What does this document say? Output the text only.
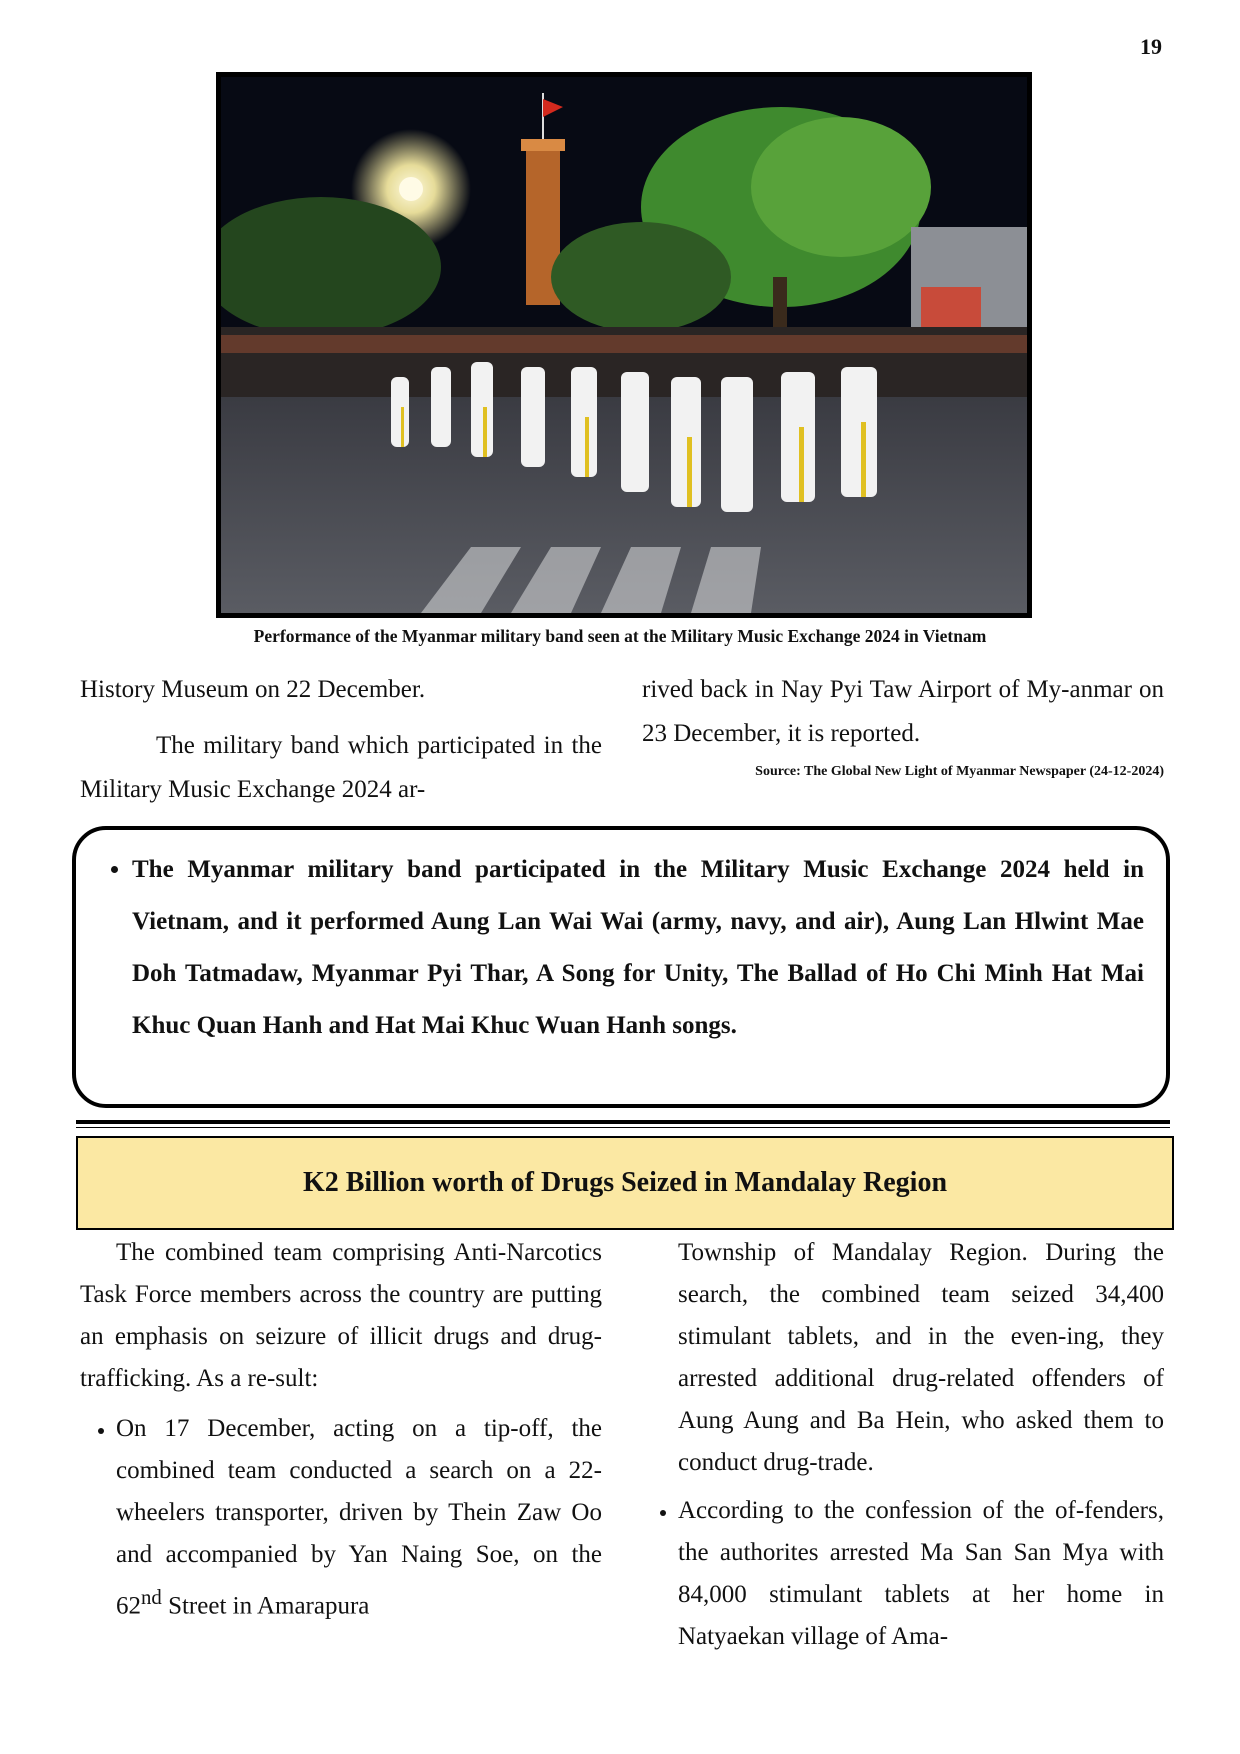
19
Performance of the Myanmar military band seen at the Military Music Exchange 2024 in Vietnam

History Museum on 22 December.

The military band which participated in the Military Music Exchange 2024 ar-

rived back in Nay Pyi Taw Airport of My-anmar on 23 December, it is reported.

Source: The Global New Light of Myanmar Newspaper (24-12-2024)
• The Myanmar military band participated in the Military Music Exchange 2024 held in Vietnam, and it performed Aung Lan Wai Wai (army, navy, and air), Aung Lan Hlwint Mae Doh Tatmadaw, Myanmar Pyi Thar, A Song for Unity, The Ballad of Ho Chi Minh Hat Mai Khuc Quan Hanh and Hat Mai Khuc Wuan Hanh songs.
K2 Billion worth of Drugs Seized in Mandalay Region

The combined team comprising Anti-Narcotics Task Force members across the country are putting an emphasis on seizure of illicit drugs and drug-trafficking. As a re-sult:

• On 17 December, acting on a tip-off, the combined team conducted a search on a 22-wheelers transporter, driven by Thein Zaw Oo and accompanied by Yan Naing Soe, on the 62nd Street in Amarapura
Township of Mandalay Region. During the search, the combined team seized 34,400 stimulant tablets, and in the even-ing, they arrested additional drug-related offenders of Aung Aung and Ba Hein, who asked them to conduct drug-trade.
• According to the confession of the of-fenders, the authorites arrested Ma San San Mya with 84,000 stimulant tablets at her home in Natyaekan village of Ama-
